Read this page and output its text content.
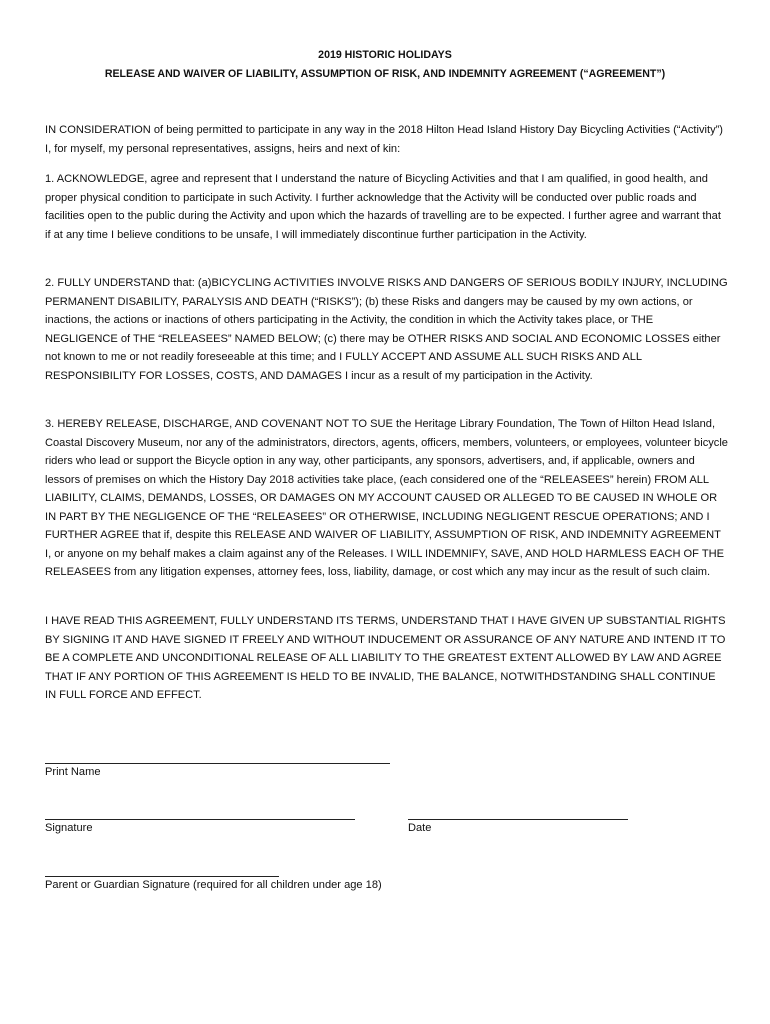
2019 HISTORIC HOLIDAYS
RELEASE AND WAIVER OF LIABILITY, ASSUMPTION OF RISK, AND INDEMNITY AGREEMENT (“AGREEMENT”)

IN CONSIDERATION of being permitted to participate in any way in the 2018 Hilton Head Island History Day Bicycling Activities (“Activity”) I, for myself, my personal representatives, assigns, heirs and next of kin:

1. ACKNOWLEDGE, agree and represent that I understand the nature of Bicycling Activities and that I am qualified, in good health, and proper physical condition to participate in such Activity. I further acknowledge that the Activity will be conducted over public roads and facilities open to the public during the Activity and upon which the hazards of travelling are to be expected. I further agree and warrant that if at any time I believe conditions to be unsafe, I will immediately discontinue further participation in the Activity.

2. FULLY UNDERSTAND that: (a)BICYCLING ACTIVITIES INVOLVE RISKS AND DANGERS OF SERIOUS BODILY INJURY, INCLUDING PERMANENT DISABILITY, PARALYSIS AND DEATH (“RISKS”); (b) these Risks and dangers may be caused by my own actions, or inactions, the actions or inactions of others participating in the Activity, the condition in which the Activity takes place, or THE NEGLIGENCE of THE “RELEASEES” NAMED BELOW; (c) there may be OTHER RISKS AND SOCIAL AND ECONOMIC LOSSES either not known to me or not readily foreseeable at this time; and I FULLY ACCEPT AND ASSUME ALL SUCH RISKS AND ALL RESPONSIBILITY FOR LOSSES, COSTS, AND DAMAGES I incur as a result of my participation in the Activity.

3. HEREBY RELEASE, DISCHARGE, AND COVENANT NOT TO SUE the Heritage Library Foundation, The Town of Hilton Head Island, Coastal Discovery Museum, nor any of the administrators, directors, agents, officers, members, volunteers, or employees, volunteer bicycle riders who lead or support the Bicycle option in any way, other participants, any sponsors, advertisers, and, if applicable, owners and lessors of premises on which the History Day 2018 activities take place, (each considered one of the “RELEASEES” herein) FROM ALL LIABILITY, CLAIMS, DEMANDS, LOSSES, OR DAMAGES ON MY ACCOUNT CAUSED OR ALLEGED TO BE CAUSED IN WHOLE OR IN PART BY THE NEGLIGENCE OF THE “RELEASEES” OR OTHERWISE, INCLUDING NEGLIGENT RESCUE OPERATIONS; AND I FURTHER AGREE that if, despite this RELEASE AND WAIVER OF LIABILITY, ASSUMPTION OF RISK, AND INDEMNITY AGREEMENT I, or anyone on my behalf makes a claim against any of the Releases. I WILL INDEMNIFY, SAVE, AND HOLD HARMLESS EACH OF THE RELEASEES from any litigation expenses, attorney fees, loss, liability, damage, or cost which any may incur as the result of such claim.

I HAVE READ THIS AGREEMENT, FULLY UNDERSTAND ITS TERMS, UNDERSTAND THAT I HAVE GIVEN UP SUBSTANTIAL RIGHTS BY SIGNING IT AND HAVE SIGNED IT FREELY AND WITHOUT INDUCEMENT OR ASSURANCE OF ANY NATURE AND INTEND IT TO BE A COMPLETE AND UNCONDITIONAL RELEASE OF ALL LIABILITY TO THE GREATEST EXTENT ALLOWED BY LAW AND AGREE THAT IF ANY PORTION OF THIS AGREEMENT IS HELD TO BE INVALID, THE BALANCE, NOTWITHDSTANDING SHALL CONTINUE IN FULL FORCE AND EFFECT.

Print Name
Signature	Date
Parent or Guardian Signature (required for all children under age 18)
